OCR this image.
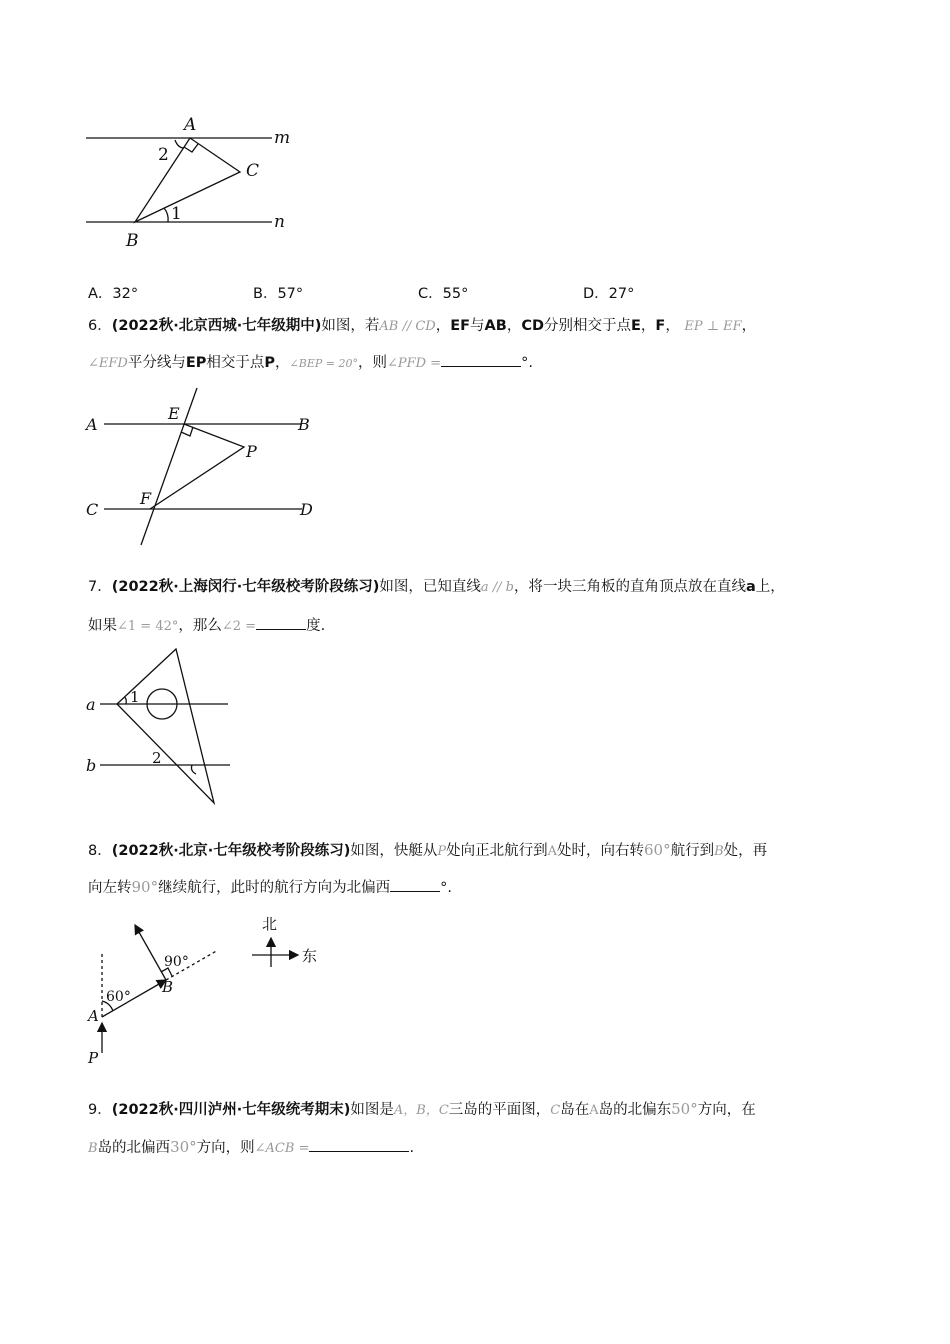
A
m
C
2
1	n
B
A．32°	B．57°	C．55°	D．27°
6．(2022秋·北京西城·七年级期中)如图，若AB // CD，EF与AB，CD分别相交于点E，F， EP ⊥ EF，
∠EFD平分线与EP相交于点P，∠BEP = 20°，则∠PFD =	°.
A
E
B
P
F
C	D
7．(2022秋·上海闵行·七年级校考阶段练习)如图，已知直线a // b，将一块三角板的直角顶点放在直线a上，
如果∠1 = 42°，那么∠2 =	度.
a 1
2
b
8．(2022秋·北京·七年级校考阶段练习)如图，快艇从P处向正北航行到A处时，向右转60°航行到B处，再
向左转90°继续航行，此时的航行方向为北偏西	°.
60°
90°
B
A
P
北
东
9．(2022秋·四川泸州·七年级统考期末)如图是A，B，C三岛的平面图，C岛在A岛的北偏东50°方向，在
B岛的北偏西30°方向，则∠ACB =	.
